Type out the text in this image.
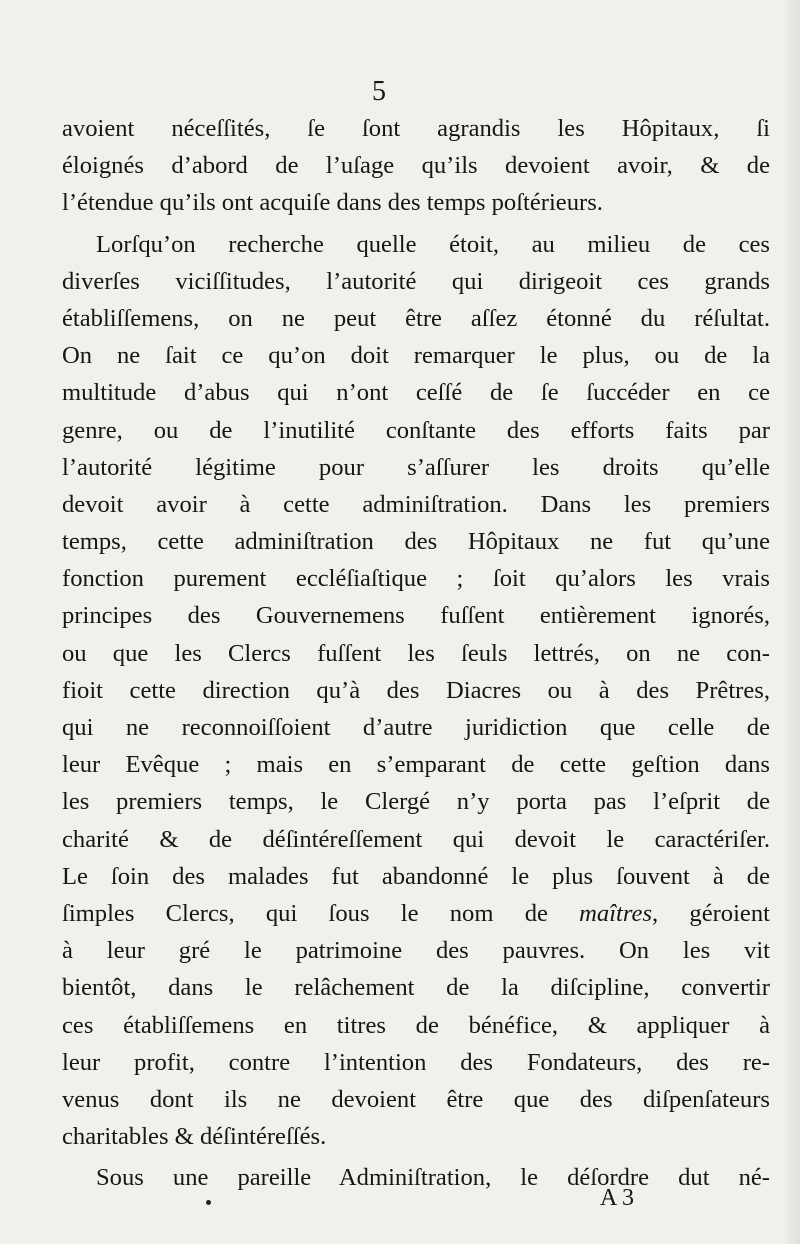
5
avoient néceſſités, ſe ſont agrandis les Hôpitaux, ſi
éloignés d’abord de l’uſage qu’ils devoient avoir, & de
l’étendue qu’ils ont acquiſe dans des temps poſtérieurs.
Lorſqu’on recherche quelle étoit, au milieu de ces
diverſes viciſſitudes, l’autorité qui dirigeoit ces grands
établiſſemens, on ne peut être aſſez étonné du réſultat.
On ne ſait ce qu’on doit remarquer le plus, ou de la
multitude d’abus qui n’ont ceſſé de ſe ſuccéder en ce
genre, ou de l’inutilité conſtante des efforts faits par
l’autorité légitime pour s’aſſurer les droits qu’elle
devoit avoir à cette adminiſtration. Dans les premiers
temps, cette adminiſtration des Hôpitaux ne fut qu’une
fonction purement eccléſiaſtique ; ſoit qu’alors les vrais
principes des Gouvernemens fuſſent entièrement ignorés,
ou que les Clercs fuſſent les ſeuls lettrés, on ne con-
fioit cette direction qu’à des Diacres ou à des Prêtres,
qui ne reconnoiſſoient d’autre juridiction que celle de
leur Evêque ; mais en s’emparant de cette geſtion dans
les premiers temps, le Clergé n’y porta pas l’eſprit de
charité & de déſintéreſſement qui devoit le caractériſer.
Le ſoin des malades fut abandonné le plus ſouvent à de
ſimples Clercs, qui ſous le nom de maîtres, géroient
à leur gré le patrimoine des pauvres. On les vit
bientôt, dans le relâchement de la diſcipline, convertir
ces établiſſemens en titres de bénéfice, & appliquer à
leur profit, contre l’intention des Fondateurs, des re-
venus dont ils ne devoient être que des diſpenſateurs
charitables & déſintéreſſés.
Sous une pareille Adminiſtration, le déſordre dut né-
A 3
